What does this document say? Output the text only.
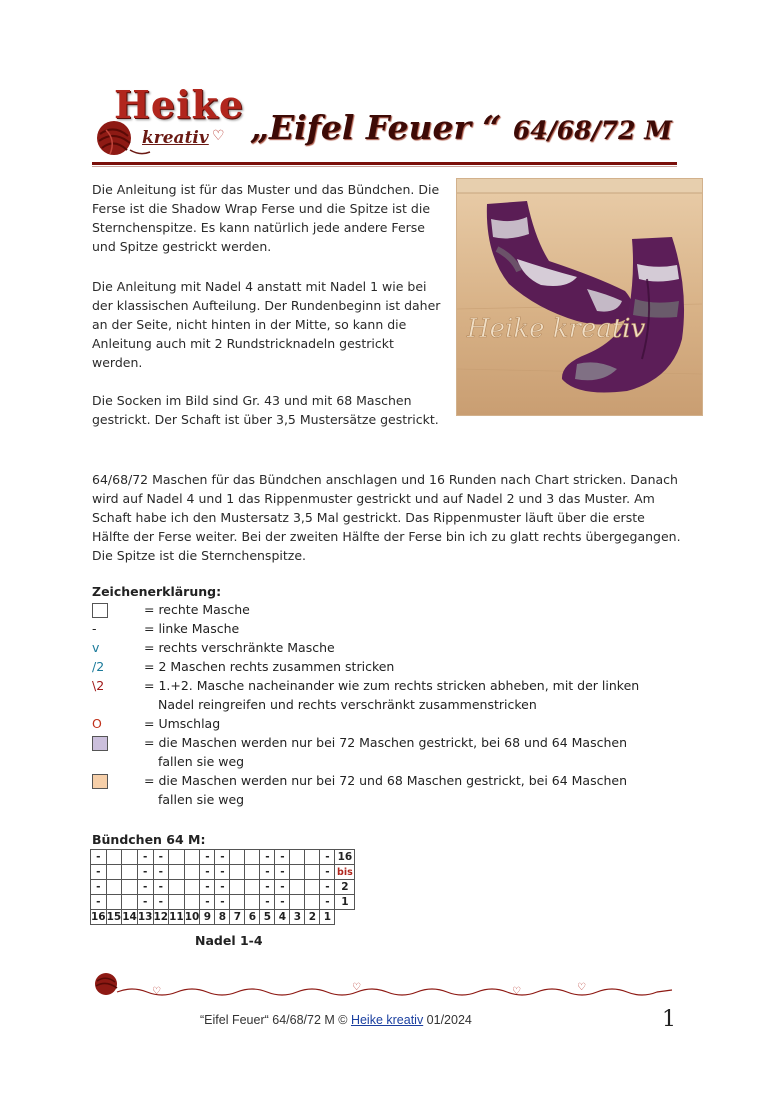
Heike
kreativ ♡ „Eifel Feuer “ 64/68/72 M
Die Anleitung ist für das Muster und das Bündchen. Die Ferse ist die Shadow Wrap Ferse und die Spitze ist die Sternchenspitze. Es kann natürlich jede andere Ferse und Spitze gestrickt werden.
Die Anleitung mit Nadel 4 anstatt mit Nadel 1 wie bei der klassischen Aufteilung. Der Rundenbeginn ist daher an der Seite, nicht hinten in der Mitte, so kann die Anleitung auch mit 2 Rundstricknadeln gestrickt werden.
Die Socken im Bild sind Gr. 43 und mit 68 Maschen gestrickt. Der Schaft ist über 3,5 Mustersätze gestrickt.
64/68/72 Maschen für das Bündchen anschlagen und 16 Runden nach Chart stricken. Danach wird auf Nadel 4 und 1 das Rippenmuster gestrickt und auf Nadel 2 und 3 das Muster. Am Schaft habe ich den Mustersatz 3,5 Mal gestrickt. Das Rippenmuster läuft über die erste Hälfte der Ferse weiter. Bei der zweiten Hälfte der Ferse bin ich zu glatt rechts übergegangen. Die Spitze ist die Sternchenspitze.
Heike kreativ
Zeichenerklärung:
= rechte Masche
-	= linke Masche
v	= rechts verschränkte Masche
/2	= 2 Maschen rechts zusammen stricken
\2	= 1.+2. Masche nacheinander wie zum rechts stricken abheben, mit der linken
Nadel reingreifen und rechts verschränkt zusammenstricken
O	= Umschlag
= die Maschen werden nur bei 72 Maschen gestrickt, bei 68 und 64 Maschen
fallen sie weg
= die Maschen werden nur bei 72 und 68 Maschen gestrickt, bei 64 Maschen
fallen sie weg
Bündchen 64 M:
-			-	-			-	-			-	-			-	16
-			-	-			-	-			-	-			-	bis
-			-	-			-	-			-	-			-	2
-			-	-			-	-			-	-			-	1
16	15	14	13	12	11	10	9	8	7	6	5	4	3	2	1	
Nadel 1-4
♡	♡	♡	♡
“Eifel Feuer“ 64/68/72 M © Heike kreativ 01/2024	1
